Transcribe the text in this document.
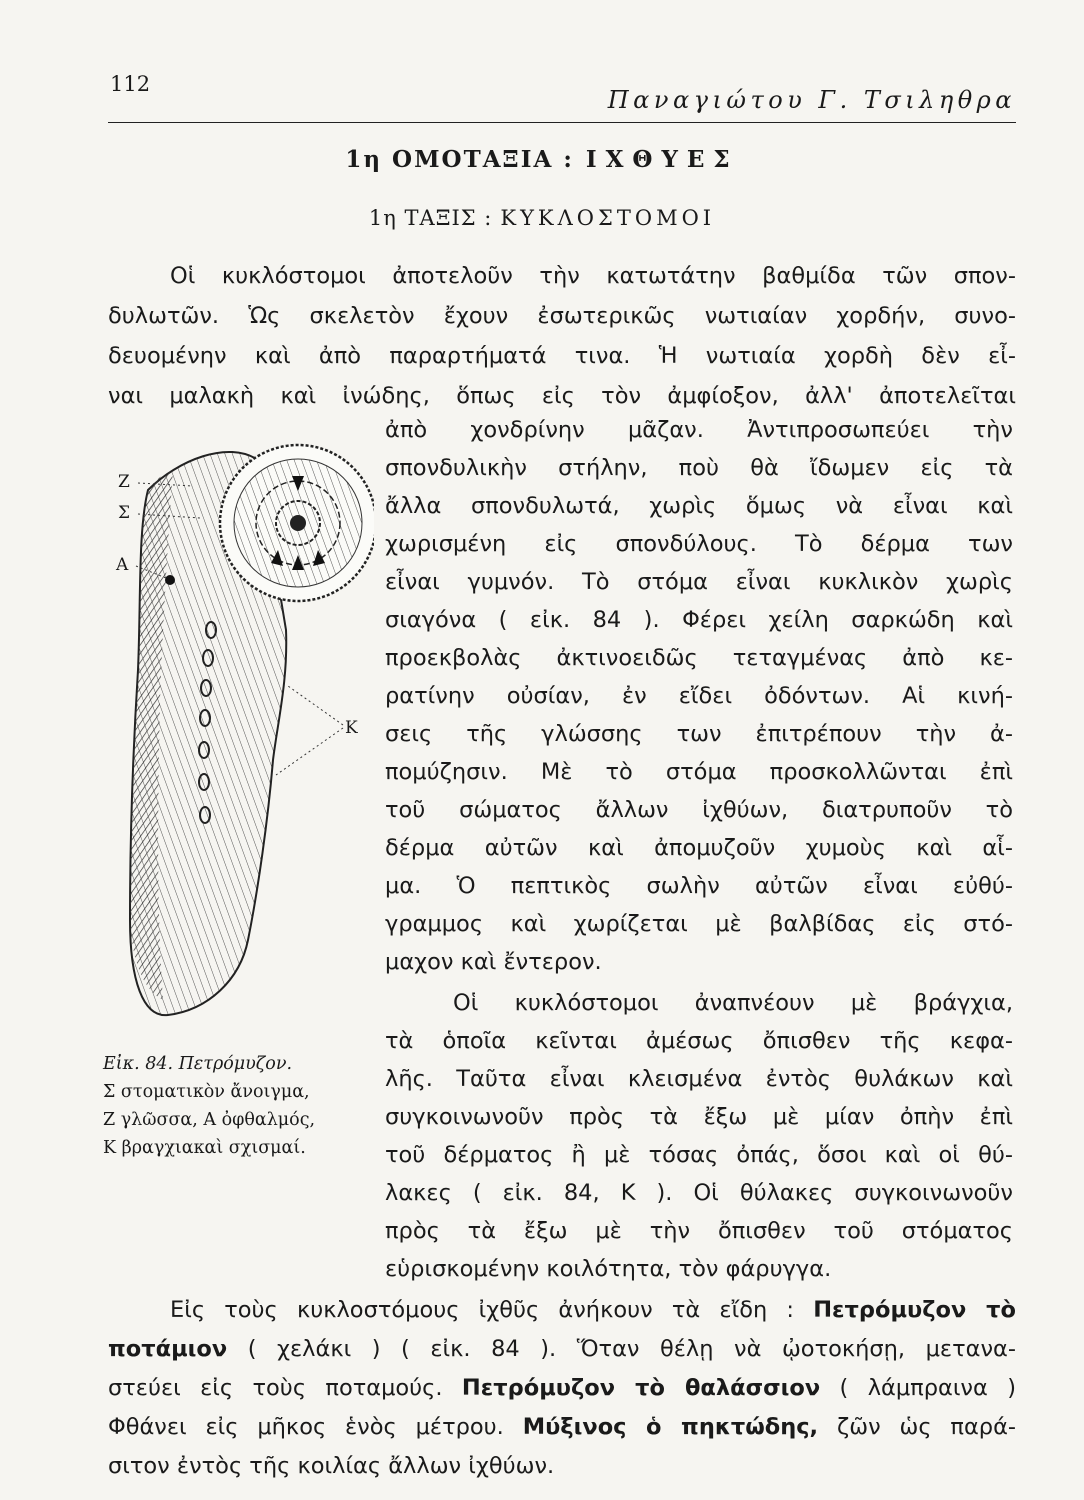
112
Παναγιώτου Γ. Τσιληθρα
1η ΟΜΟΤΑΞΙΑ : ΙΧΘΥΕΣ
1η ΤΑΞΙΣ : ΚΥΚΛΟΣΤΟΜΟΙ
Οἱ κυκλόστομοι ἀποτελοῦν τὴν κατωτάτην βαθμίδα τῶν σπον-
δυλωτῶν. Ὡς σκελετὸν ἔχουν ἐσωτερικῶς νωτιαίαν χορδήν, συνο-
δευομένην καὶ ἀπὸ παραρτήματά τινα. Ἡ νωτιαία χορδὴ δὲν εἶ-
ναι μαλακὴ καὶ ἰνώδης, ὅπως εἰς τὸν ἀμφίοξον, ἀλλ' ἀποτελεῖται
ἀπὸ χονδρίνην μᾶζαν. Ἀντιπροσωπεύει τὴν
σπονδυλικὴν στήλην, ποὺ θὰ ἴδωμεν εἰς τὰ
ἄλλα σπονδυλωτά, χωρὶς ὅμως νὰ εἶναι καὶ
χωρισμένη εἰς σπονδύλους. Τὸ δέρμα των
εἶναι γυμνόν. Τὸ στόμα εἶναι κυκλικὸν χωρὶς
σιαγόνα ( εἰκ. 84 ). Φέρει χείλη σαρκώδη καὶ
προεκβολὰς ἀκτινοειδῶς τεταγμένας ἀπὸ κε-
ρατίνην οὐσίαν, ἐν εἴδει ὀδόντων. Αἱ κινή-
σεις τῆς γλώσσης των ἐπιτρέπουν τὴν ἀ-
πομύζησιν. Μὲ τὸ στόμα προσκολλῶνται ἐπὶ
τοῦ σώματος ἄλλων ἰχθύων, διατρυποῦν τὸ
δέρμα αὐτῶν καὶ ἀπομυζοῦν χυμοὺς καὶ αἷ-
μα. Ὁ πεπτικὸς σωλὴν αὐτῶν εἶναι εὐθύ-
γραμμος καὶ χωρίζεται μὲ βαλβίδας εἰς στό-
μαχον καὶ ἔντερον.
Οἱ κυκλόστομοι ἀναπνέουν μὲ βράγχια,
τὰ ὁποῖα κεῖνται ἀμέσως ὄπισθεν τῆς κεφα-
λῆς. Ταῦτα εἶναι κλεισμένα ἐντὸς θυλάκων καὶ
συγκοινωνοῦν πρὸς τὰ ἔξω μὲ μίαν ὀπὴν ἐπὶ
τοῦ δέρματος ἢ μὲ τόσας ὀπάς, ὅσοι καὶ οἱ θύ-
λακες ( εἰκ. 84, Κ ). Οἱ θύλακες συγκοινωνοῦν
πρὸς τὰ ἔξω μὲ τὴν ὄπισθεν τοῦ στόματος
εὑρισκομένην κοιλότητα, τὸν φάρυγγα.
Εἰς τοὺς κυκλοστόμους ἰχθῦς ἀνήκουν τὰ εἴδη : Πετρόμυζον τὸ
ποτάμιον ( χελάκι ) ( εἰκ. 84 ). Ὅταν θέλῃ νὰ ᾠοτοκήσῃ, μετανα-
στεύει εἰς τοὺς ποταμούς. Πετρόμυζον τὸ θαλάσσιον ( λάμπραινα )
Φθάνει εἰς μῆκος ἑνὸς μέτρου. Μύξινος ὁ πηκτώδης, ζῶν ὡς παρά-
σιτον ἐντὸς τῆς κοιλίας ἄλλων ἰχθύων.
Ζ
Σ
Α
Κ
Εἰκ. 84. Πετρόμυζον.
Σ στοματικὸν ἄνοιγμα,
Ζ γλῶσσα, Α ὀφθαλμός,
Κ βραγχιακαὶ σχισμαί.
